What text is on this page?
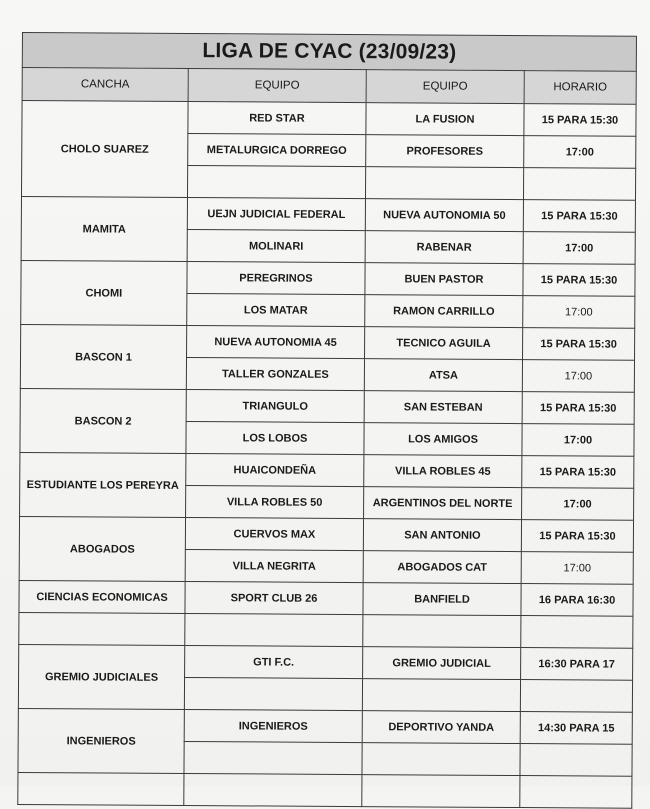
LIGA DE CYAC (23/09/23)			
CANCHA	EQUIPO	EQUIPO	HORARIO
CHOLO SUAREZ	RED STAR	LA FUSION	15 PARA 15:30
	METALURGICA DORREGO	PROFESORES	17:00

MAMITA	UEJN JUDICIAL FEDERAL	NUEVA AUTONOMIA 50	15 PARA 15:30
	MOLINARI	RABENAR	17:00
CHOMI	PEREGRINOS	BUEN PASTOR	15 PARA 15:30
	LOS MATAR	RAMON CARRILLO	17:00
BASCON 1	NUEVA AUTONOMIA 45	TECNICO AGUILA	15 PARA 15:30
	TALLER GONZALES	ATSA	17:00
BASCON 2	TRIANGULO	SAN ESTEBAN	15 PARA 15:30
	LOS LOBOS	LOS AMIGOS	17:00
ESTUDIANTE LOS PEREYRA	HUAICONDEÑA	VILLA ROBLES 45	15 PARA 15:30
	VILLA ROBLES 50	ARGENTINOS DEL NORTE	17:00
ABOGADOS	CUERVOS MAX	SAN ANTONIO	15 PARA 15:30
	VILLA NEGRITA	ABOGADOS CAT	17:00
CIENCIAS ECONOMICAS	SPORT CLUB 26	BANFIELD	16 PARA 16:30

GREMIO JUDICIALES	GTI F.C.	GREMIO JUDICIAL	16:30 PARA 17

INGENIEROS	INGENIEROS	DEPORTIVO YANDA	14:30 PARA 15
